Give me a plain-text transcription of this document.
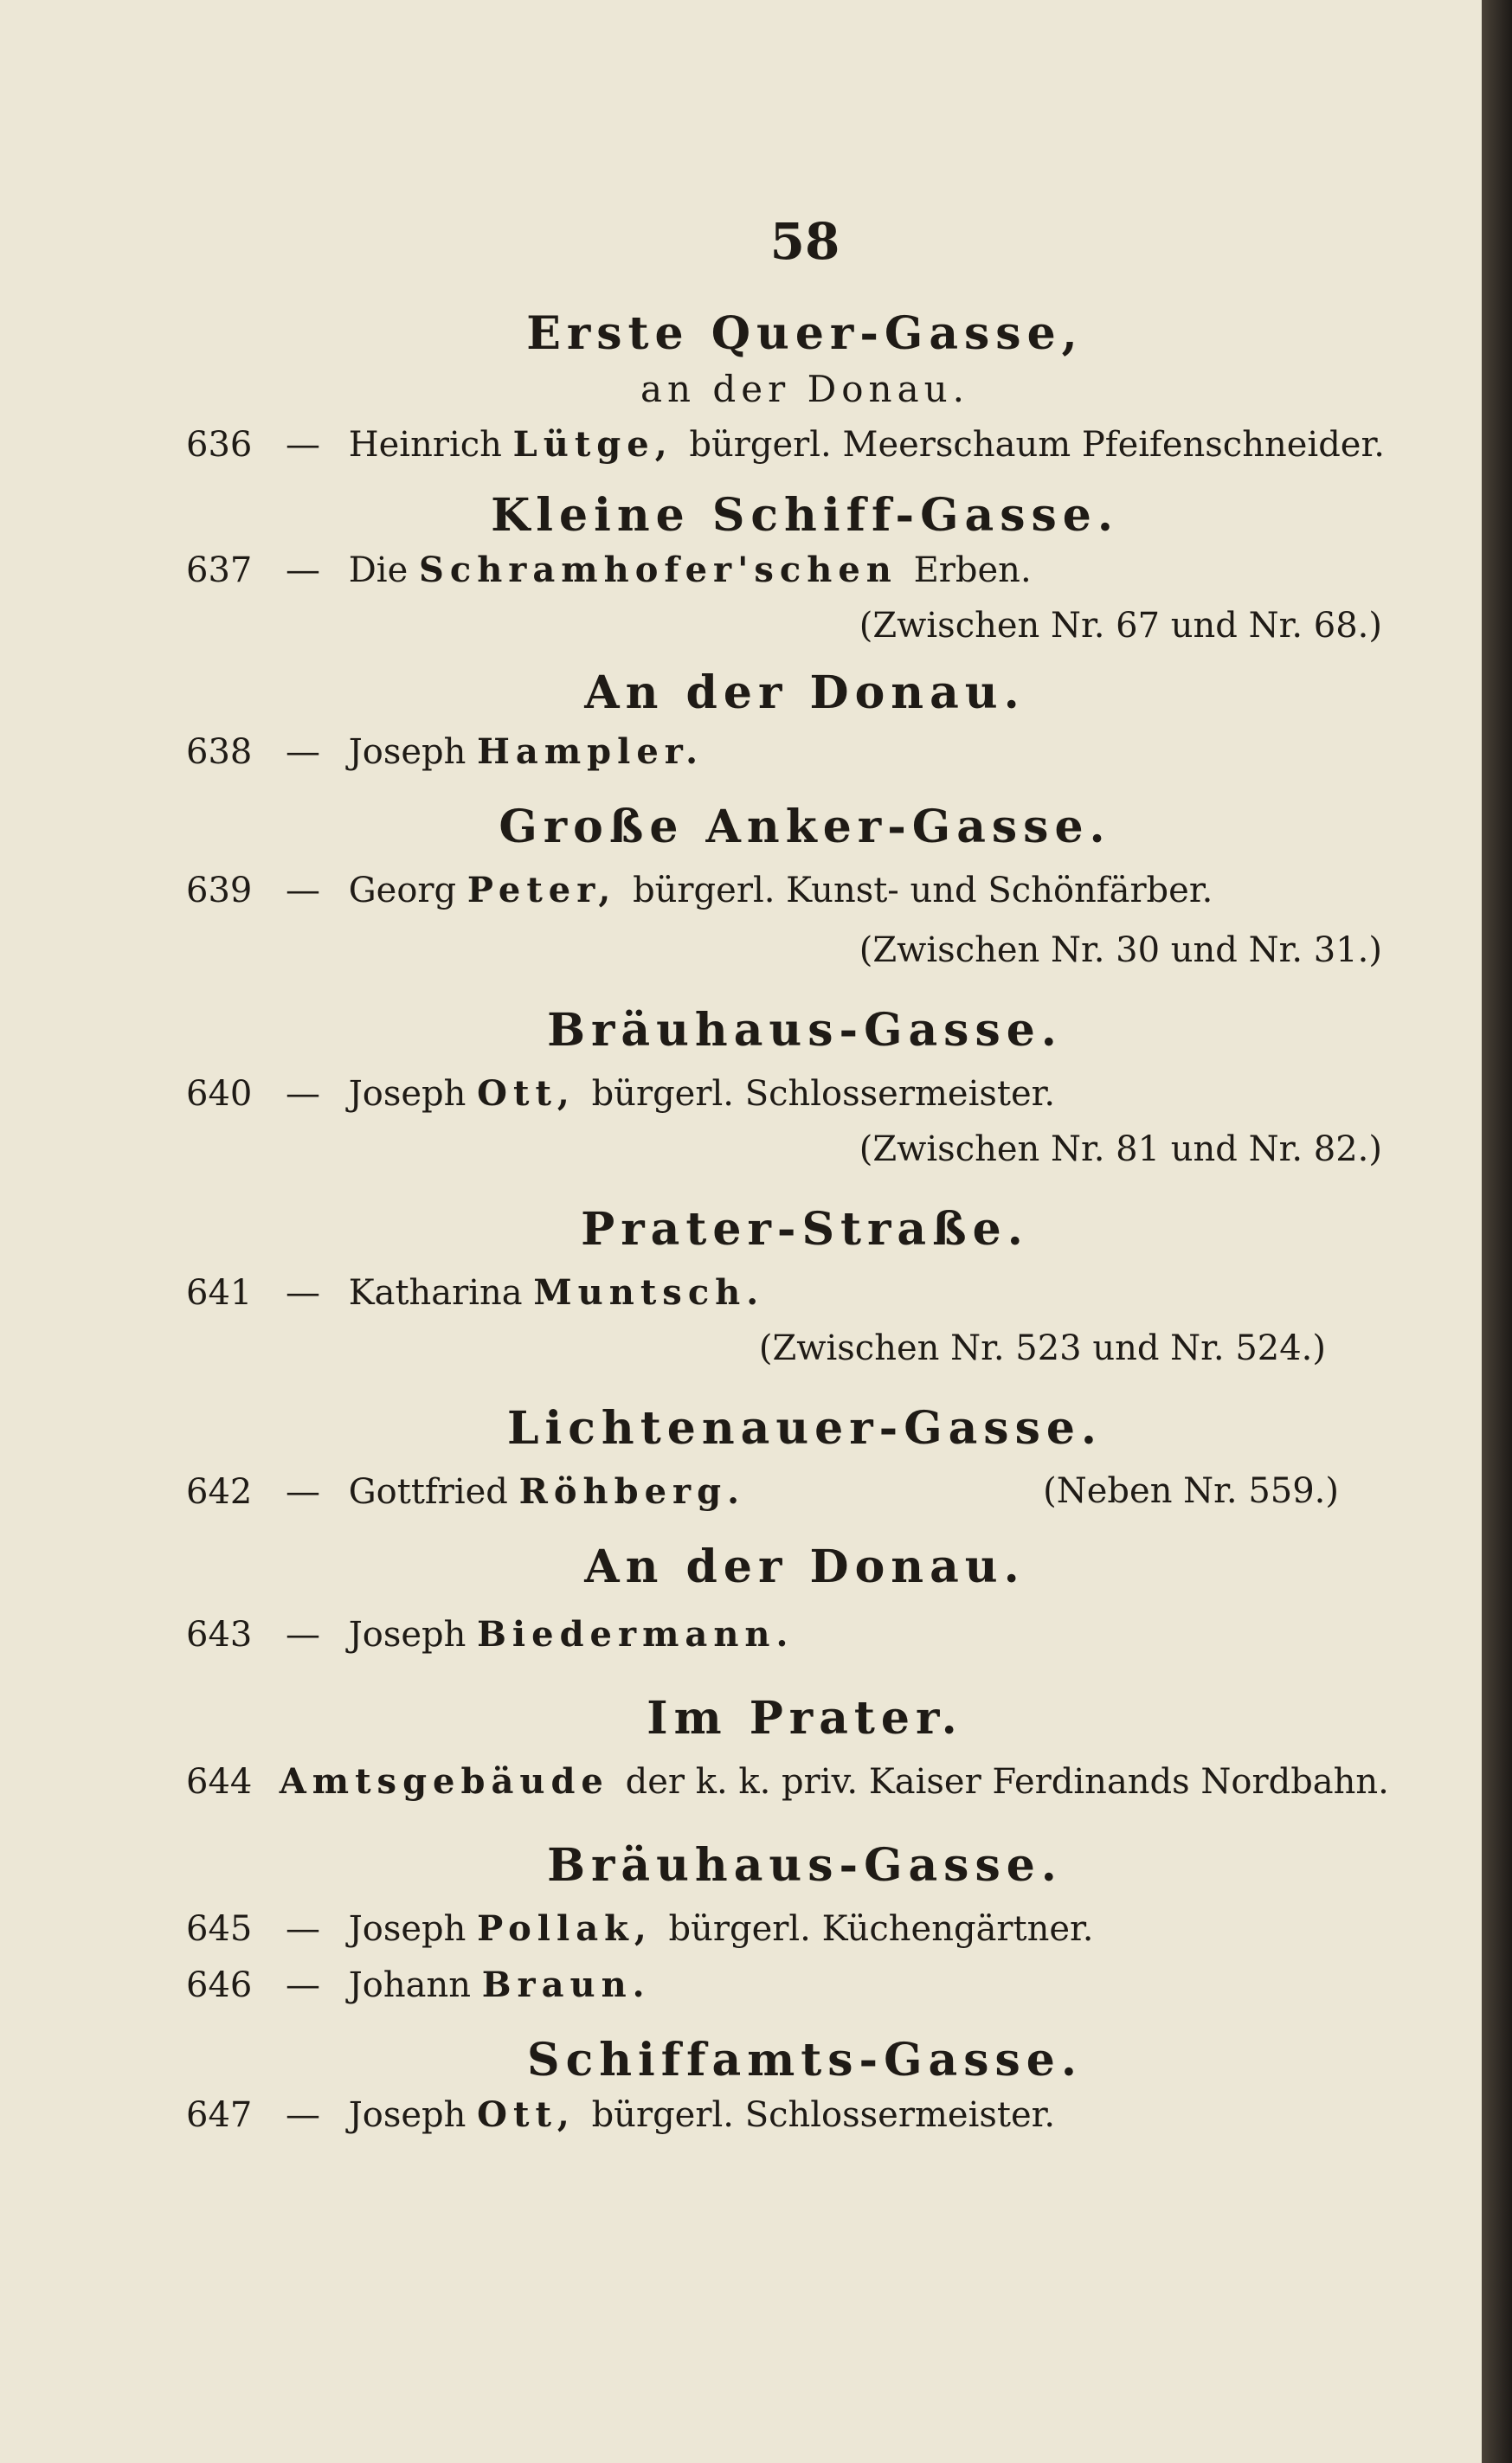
58
Erste Quer-Gasse,
an der Donau.
636 — Heinrich Lütge, bürgerl. Meerschaum Pfeifenschneider.
Kleine Schiff-Gasse.
637 — Die Schramhofer'schen Erben.
(Zwischen Nr. 67 und Nr. 68.)
An der Donau.
638 — Joseph Hampler.
Große Anker-Gasse.
639 — Georg Peter, bürgerl. Kunst- und Schönfärber.
(Zwischen Nr. 30 und Nr. 31.)
Bräuhaus-Gasse.
640 — Joseph Ott, bürgerl. Schlossermeister.
(Zwischen Nr. 81 und Nr. 82.)
Prater-Straße.
641 — Katharina Muntsch.
(Zwischen Nr. 523 und Nr. 524.)
Lichtenauer-Gasse.
642 — Gottfried Röhberg.	(Neben Nr. 559.)
An der Donau.
643 — Joseph Biedermann.
Im Prater.
644 Amtsgebäude der k. k. priv. Kaiser Ferdinands Nordbahn.
Bräuhaus-Gasse.
645 — Joseph Pollak, bürgerl. Küchengärtner.
646 — Johann Braun.
Schiffamts-Gasse.
647 — Joseph Ott, bürgerl. Schlossermeister.
